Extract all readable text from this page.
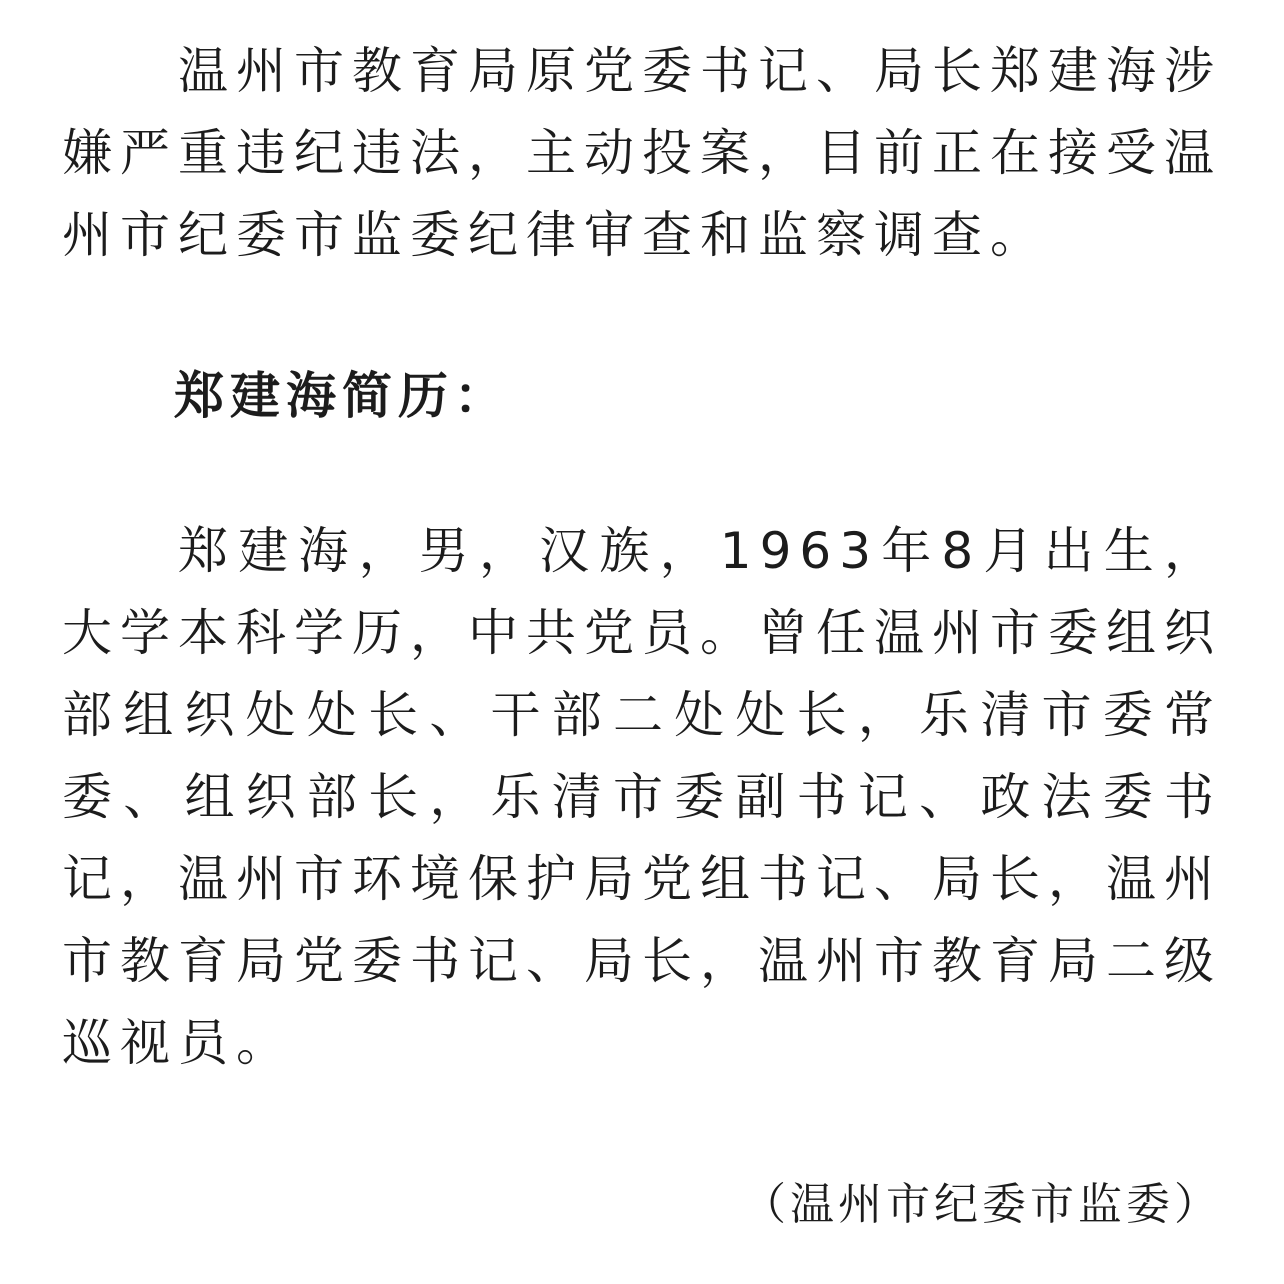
温州市教育局原党委书记、局长郑建海涉嫌严重违纪违法，主动投案，目前正在接受温州市纪委市监委纪律审查和监察调查。

郑建海简历：

郑建海，男，汉族，1963年8月出生，大学本科学历，中共党员。曾任温州市委组织部组织处处长、干部二处处长，乐清市委常委、组织部长，乐清市委副书记、政法委书记，温州市环境保护局党组书记、局长，温州市教育局党委书记、局长，温州市教育局二级巡视员。

（温州市纪委市监委）
